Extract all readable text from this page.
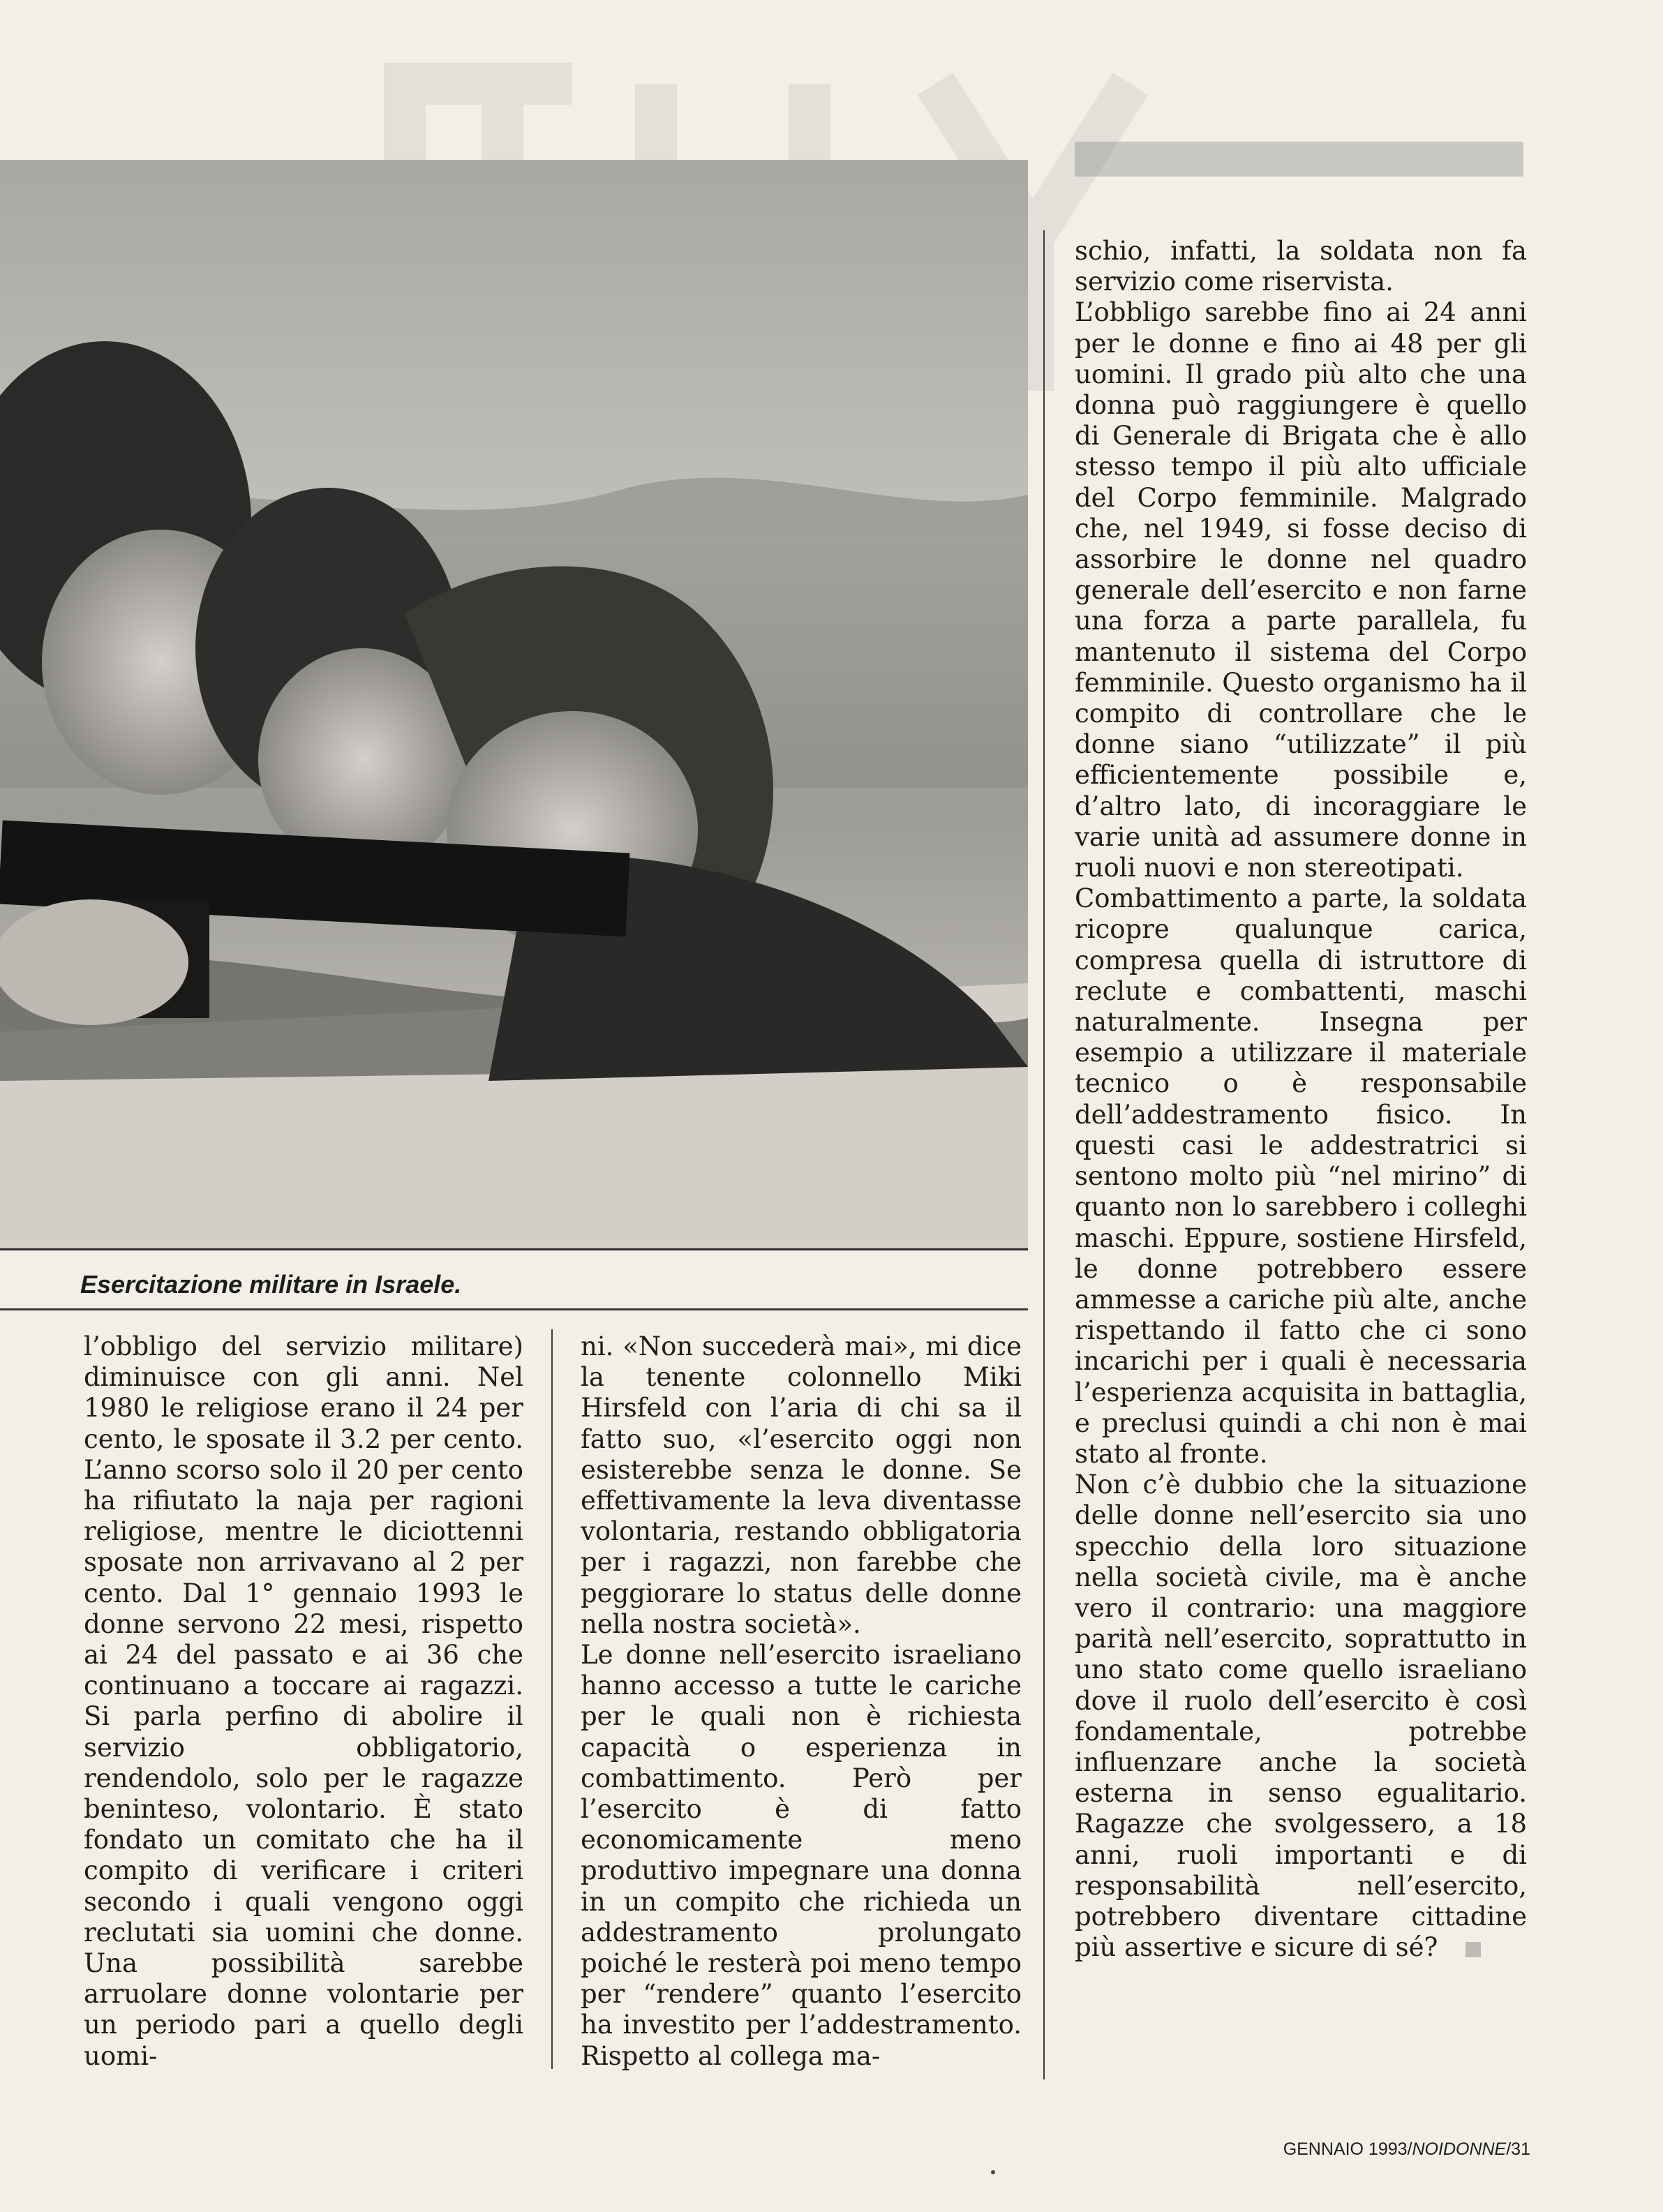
Esercitazione militare in Israele.

l’obbligo del servizio militare) diminuisce con gli anni. Nel 1980 le religiose erano il 24 per cento, le sposate il 3.2 per cento. L’anno scorso solo il 20 per cento ha rifiutato la naja per ragioni religiose, mentre le diciottenni sposate non arrivavano al 2 per cento. Dal 1° gennaio 1993 le donne servono 22 mesi, rispetto ai 24 del passato e ai 36 che continuano a toccare ai ragazzi. Si parla perfino di abolire il servizio obbligatorio, rendendolo, solo per le ragazze beninteso, volontario. È stato fondato un comitato che ha il compito di verificare i criteri secondo i quali vengono oggi reclutati sia uomini che donne. Una possibilità sarebbe arruolare donne volontarie per un periodo pari a quello degli uomi-

ni. «Non succederà mai», mi dice la tenente colonnello Miki Hirsfeld con l’aria di chi sa il fatto suo, «l’esercito oggi non esisterebbe senza le donne. Se effettivamente la leva diventasse volontaria, restando obbligatoria per i ragazzi, non farebbe che peggiorare lo status delle donne nella nostra società».

Le donne nell’esercito israeliano hanno accesso a tutte le cariche per le quali non è richiesta capacità o esperienza in combattimento. Però per l’esercito è di fatto economicamente meno produttivo impegnare una donna in un compito che richieda un addestramento prolungato poiché le resterà poi meno tempo per “rendere” quanto l’esercito ha investito per l’addestramento. Rispetto al collega ma-

schio, infatti, la soldata non fa servizio come riservista.

L’obbligo sarebbe fino ai 24 anni per le donne e fino ai 48 per gli uomini. Il grado più alto che una donna può raggiungere è quello di Generale di Brigata che è allo stesso tempo il più alto ufficiale del Corpo femminile. Malgrado che, nel 1949, si fosse deciso di assorbire le donne nel quadro generale dell’esercito e non farne una forza a parte parallela, fu mantenuto il sistema del Corpo femminile. Questo organismo ha il compito di controllare che le donne siano “utilizzate” il più efficientemente possibile e, d’altro lato, di incoraggiare le varie unità ad assumere donne in ruoli nuovi e non stereotipati.

Combattimento a parte, la soldata ricopre qualunque carica, compresa quella di istruttore di reclute e combattenti, maschi naturalmente. Insegna per esempio a utilizzare il materiale tecnico o è responsabile dell’addestramento fisico. In questi casi le addestratrici si sentono molto più “nel mirino” di quanto non lo sarebbero i colleghi maschi. Eppure, sostiene Hirsfeld, le donne potrebbero essere ammesse a cariche più alte, anche rispettando il fatto che ci sono incarichi per i quali è necessaria l’esperienza acquisita in battaglia, e preclusi quindi a chi non è mai stato al fronte.

Non c’è dubbio che la situazione delle donne nell’esercito sia uno specchio della loro situazione nella società civile, ma è anche vero il contrario: una maggiore parità nell’esercito, soprattutto in uno stato come quello israeliano dove il ruolo dell’esercito è così fondamentale, potrebbe influenzare anche la società esterna in senso egualitario. Ragazze che svolgessero, a 18 anni, ruoli importanti e di responsabilità nell’esercito, potrebbero diventare cittadine più assertive e sicure di sé?

GENNAIO 1993/NOIDONNE/31
